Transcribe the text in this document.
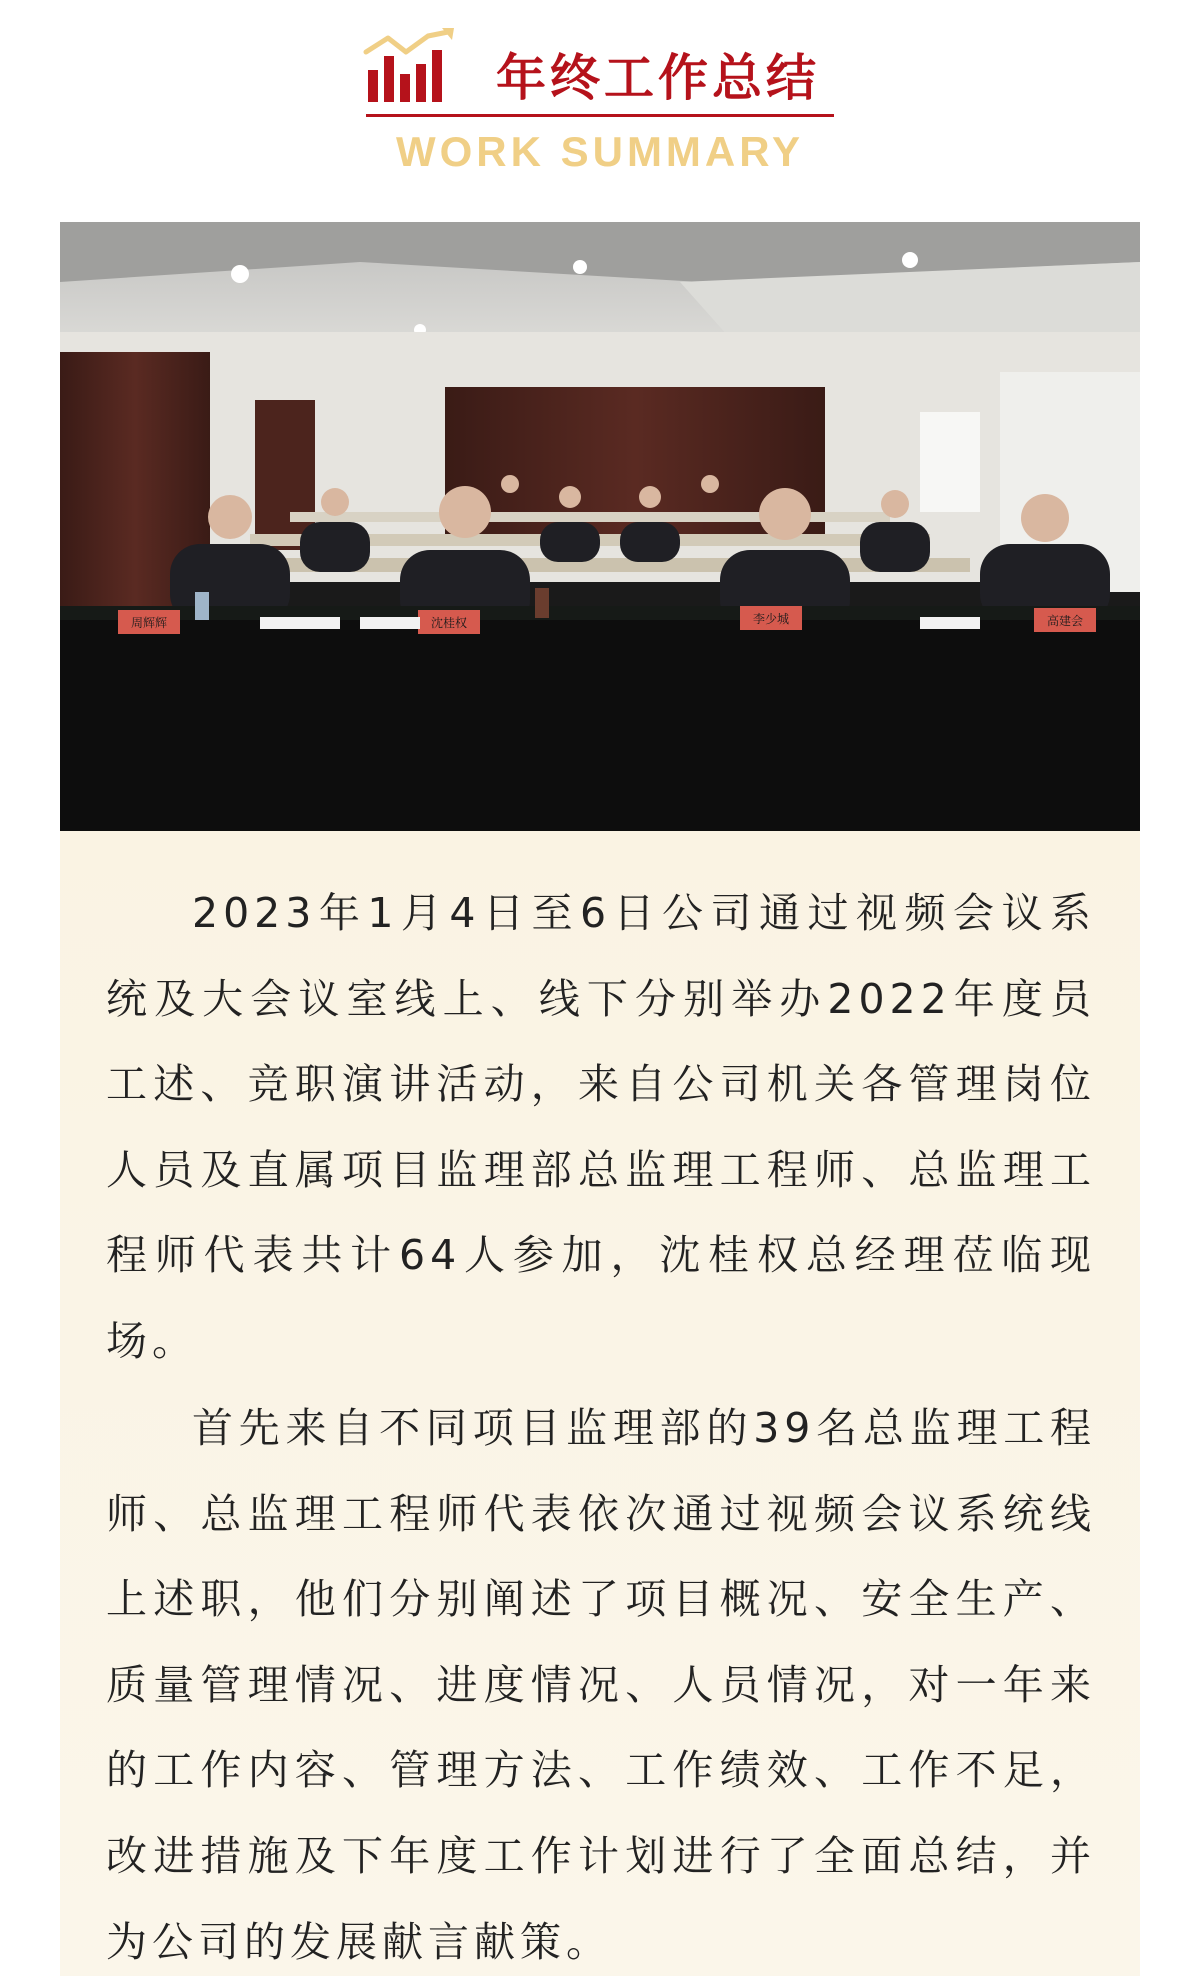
年终工作总结
WORK SUMMARY
周辉辉	沈桂权	李少城	高建会

2023年1月4日至6日公司通过视频会议系统及大会议室线上、线下分别举办2022年度员工述、竞职演讲活动，来自公司机关各管理岗位人员及直属项目监理部总监理工程师、总监理工程师代表共计64人参加，沈桂权总经理莅临现场。

首先来自不同项目监理部的39名总监理工程师、总监理工程师代表依次通过视频会议系统线上述职，他们分别阐述了项目概况、安全生产、质量管理情况、进度情况、人员情况，对一年来的工作内容、管理方法、工作绩效、工作不足，改进措施及下年度工作计划进行了全面总结，并为公司的发展献言献策。
